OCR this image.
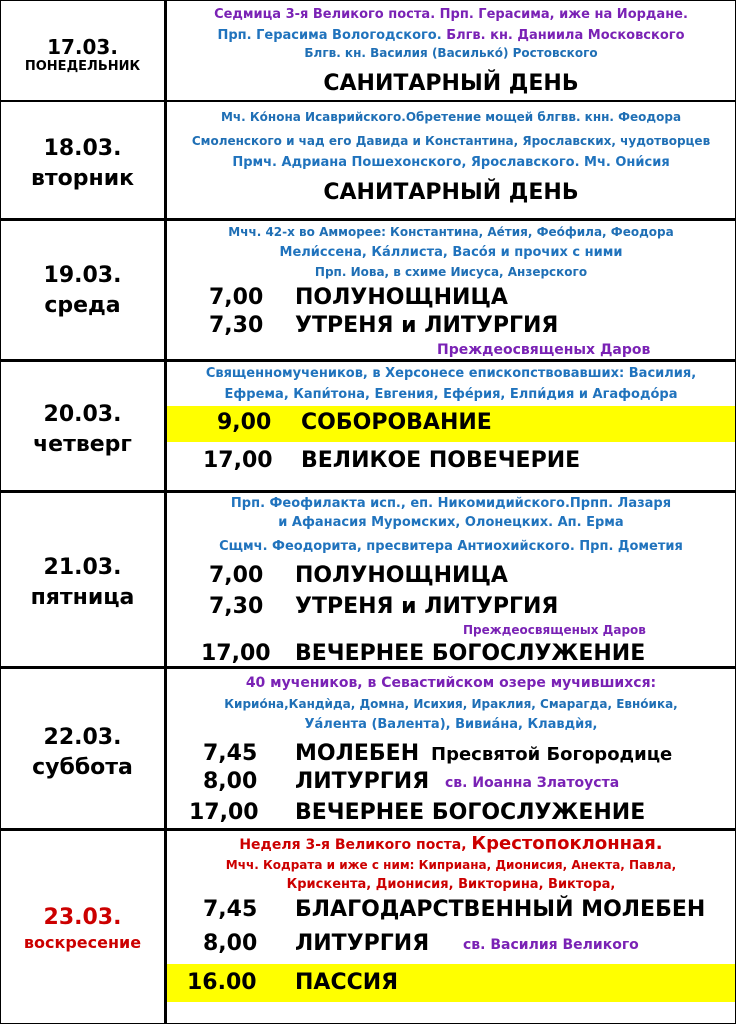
17.03.
ПОНЕДЕЛЬНИК
Седмица 3-я Великого поста. Прп. Герасима, иже на Иордане.
Прп. Герасима Вологодского. Блгв. кн. Даниила Московского
Блгв. кн. Василия (Василько́) Ростовского
САНИТАРНЫЙ ДЕНЬ
18.03.
вторник
Мч. Ко́нона Исаврийского.Обретение мощей блгвв. кнн. Феодора
Смоленского и чад его Давида и Константина, Ярославских, чудотворцев
Прмч. Адриана Пошехонского, Ярославского. Мч. Они́сия
САНИТАРНЫЙ ДЕНЬ
19.03.
среда
Мчч. 42-х во Амморее: Константина, Ае́тия, Фео́фила, Феодора
Мели́ссена, Ка́ллиста, Васо́я и прочих с ними
Прп. Иова, в схиме Иисуса, Анзерского
7,00 ПОЛУНОЩНИЦА
7,30 УТРЕНЯ и ЛИТУРГИЯ
Преждеосвященых Даров
20.03.
четверг
Священномучеников, в Херсонесе епископствовавших: Василия,
Ефрема, Капи́тона, Евгения, Ефе́рия, Елпи́дия и Агафодо́ра
9,00 СОБОРОВАНИЕ
17,00 ВЕЛИКОЕ ПОВЕЧЕРИЕ
21.03.
пятница
Прп. Феофилакта исп., еп. Никомидийского.Прпп. Лазаря
и Афанасия Муромских, Олонецких. Ап. Ерма
Сщмч. Феодорита, пресвитера Антиохийского. Прп. Дометия
7,00 ПОЛУНОЩНИЦА
7,30 УТРЕНЯ и ЛИТУРГИЯ
Преждеосвященых Даров
17,00 ВЕЧЕРНЕЕ БОГОСЛУЖЕНИЕ
22.03.
суббота
40 мучеников, в Севастийском озере мучившихся:
Кирио́на,Кандѝда, Домна, Исихия, Ираклия, Смарагда, Евно́ика,
Уа́лента (Валента), Вивиа́на, Клавдѝя,
7,45 МОЛЕБЕН Пресвятой Богородице
8,00 ЛИТУРГИЯ св. Иоанна Златоуста
17,00 ВЕЧЕРНЕЕ БОГОСЛУЖЕНИЕ
23.03.
воскресение
Неделя 3-я Великого поста, Крестопоклонная.
Мчч. Кодрата и иже с ним: Киприана, Дионисия, Анекта, Павла,
Крискента, Дионисия, Викторина, Виктора,
7,45 БЛАГОДАРСТВЕННЫЙ МОЛЕБЕН
8,00 ЛИТУРГИЯ св. Василия Великого
16.00 ПАССИЯ
